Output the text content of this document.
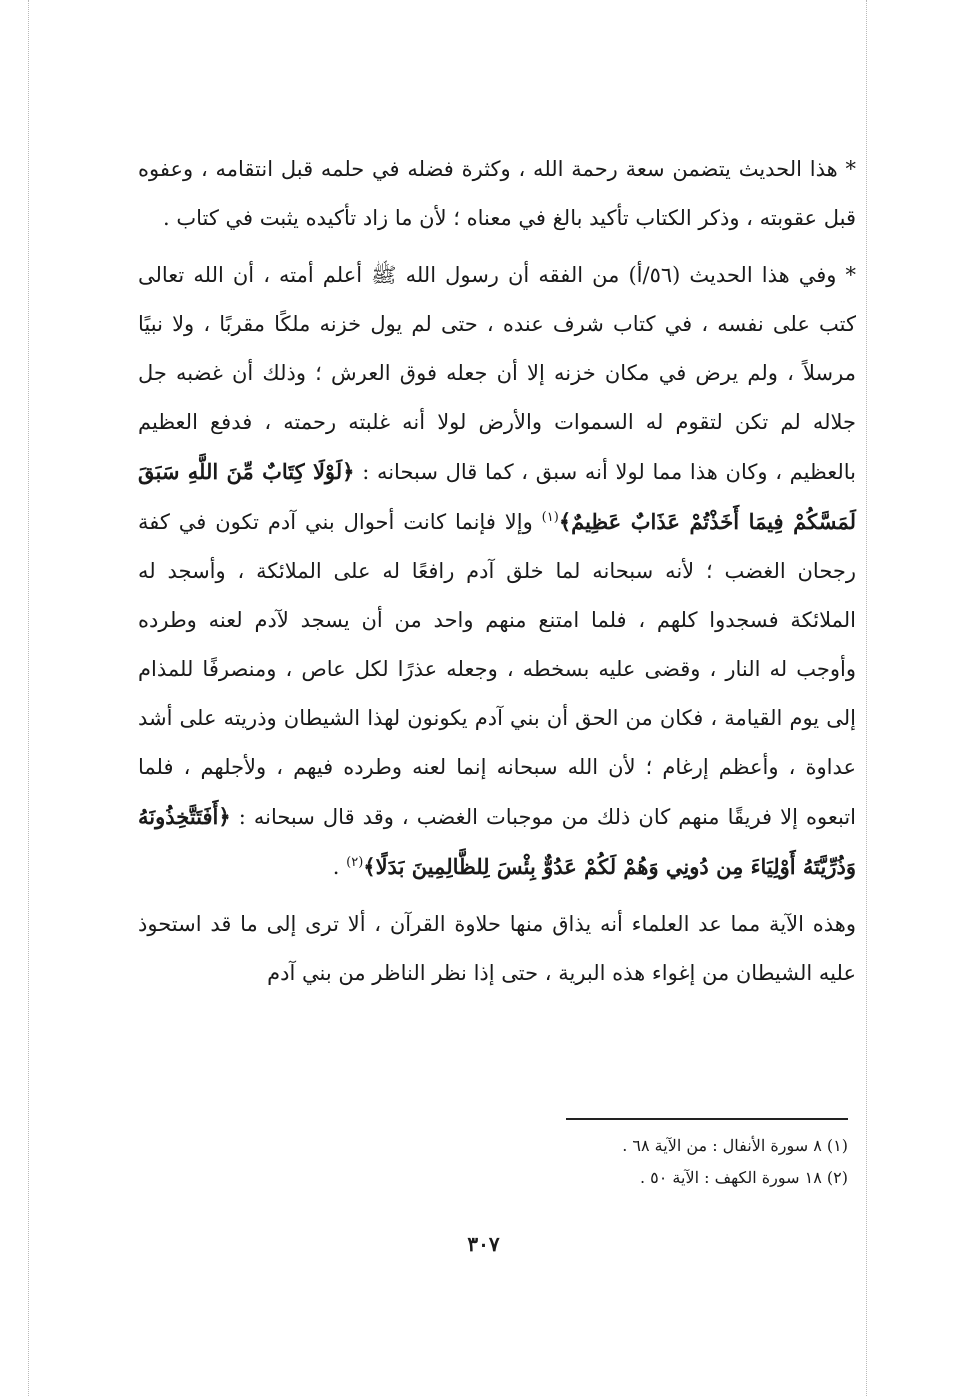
* هذا الحديث يتضمن سعة رحمة الله ، وكثرة فضله في حلمه قبل انتقامه ، وعفوه قبل عقوبته ، وذكر الكتاب تأكيد بالغ في معناه ؛ لأن ما زاد تأكيده يثبت في كتاب .

* وفي هذا الحديث (٥٦/أ) من الفقه أن رسول الله ﷺ أعلم أمته ، أن الله تعالى كتب على نفسه ، في كتاب شرف عنده ، حتى لم يول خزنه ملكًا مقربًا ، ولا نبيًا مرسلاً ، ولم يرض في مكان خزنه إلا أن جعله فوق العرش ؛ وذلك أن غضبه جل جلاله لم تكن لتقوم له السموات والأرض لولا أنه غلبته رحمته ، فدفع العظيم بالعظيم ، وكان هذا مما لولا أنه سبق ، كما قال سبحانه : ﴿لَوْلَا كِتَابٌ مِّنَ اللَّهِ سَبَقَ لَمَسَّكُمْ فِيمَا أَخَذْتُمْ عَذَابٌ عَظِيمٌ﴾$^{(١)}$ وإلا فإنما كانت أحوال بني آدم تكون في كفة رجحان الغضب ؛ لأنه سبحانه لما خلق آدم رافعًا له على الملائكة ، وأسجد له الملائكة فسجدوا كلهم ، فلما امتنع منهم واحد من أن يسجد لآدم لعنه وطرده وأوجب له النار ، وقضى عليه بسخطه ، وجعله عذرًا لكل عاص ، ومنصرفًا للمذام إلى يوم القيامة ، فكان من الحق أن بني آدم يكونون لهذا الشيطان وذريته على أشد عداوة ، وأعظم إرغام ؛ لأن الله سبحانه إنما لعنه وطرده فيهم ، ولأجلهم ، فلما اتبعوه إلا فريقًا منهم كان ذلك من موجبات الغضب ، وقد قال سبحانه : ﴿أَفَتَتَّخِذُونَهُ وَذُرِّيَّتَهُ أَوْلِيَاءَ مِن دُونِي وَهُمْ لَكُمْ عَدُوٌّ بِئْسَ لِلظَّالِمِينَ بَدَلًا﴾$^{(٢)}$ .

وهذه الآية مما عد العلماء أنه يذاق منها حلاوة القرآن ، ألا ترى إلى ما قد استحوذ عليه الشيطان من إغواء هذه البرية ، حتى إذا نظر الناظر من بني آدم

(١) ٨ سورة الأنفال : من الآية ٦٨ .

(٢) ١٨ سورة الكهف : الآية ٥٠ .

٣٠٧
